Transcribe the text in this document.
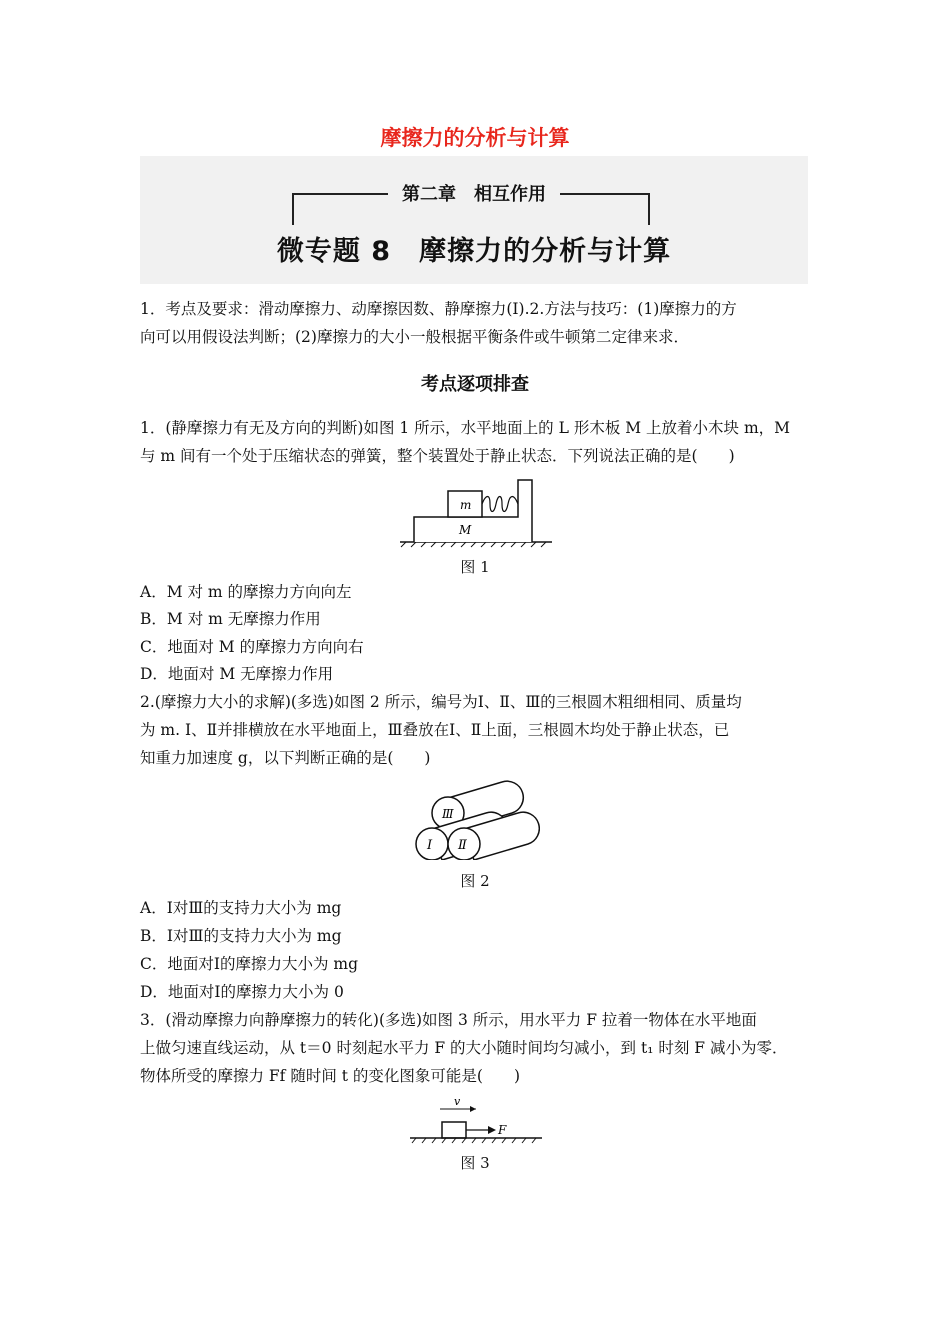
摩擦力的分析与计算
第二章　相互作用
微专题 8　摩擦力的分析与计算
1．考点及要求：滑动摩擦力、动摩擦因数、静摩擦力(Ⅰ).2.方法与技巧：(1)摩擦力的方
向可以用假设法判断；(2)摩擦力的大小一般根据平衡条件或牛顿第二定律来求．
考点逐项排查
1．(静摩擦力有无及方向的判断)如图 1 所示，水平地面上的 L 形木板 M 上放着小木块 m，M
与 m 间有一个处于压缩状态的弹簧，整个装置处于静止状态．下列说法正确的是(　　)
m
M
图 1
A．M 对 m 的摩擦力方向向左
B．M 对 m 无摩擦力作用
C．地面对 M 的摩擦力方向向右
D．地面对 M 无摩擦力作用
2.(摩擦力大小的求解)(多选)如图 2 所示，编号为Ⅰ、Ⅱ、Ⅲ的三根圆木粗细相同、质量均
为 m. Ⅰ、Ⅱ并排横放在水平地面上，Ⅲ叠放在Ⅰ、Ⅱ上面，三根圆木均处于静止状态，已
知重力加速度 g，以下判断正确的是(　　)
Ⅲ
Ⅰ Ⅱ
图 2
A．Ⅰ对Ⅲ的支持力大小为 mg
B．Ⅰ对Ⅲ的支持力大小为 mg
C．地面对Ⅰ的摩擦力大小为 mg
D．地面对Ⅰ的摩擦力大小为 0
3．(滑动摩擦力向静摩擦力的转化)(多选)如图 3 所示，用水平力 F 拉着一物体在水平地面
上做匀速直线运动，从 t＝0 时刻起水平力 F 的大小随时间均匀减小，到 t₁ 时刻 F 减小为零．
物体所受的摩擦力 Ff 随时间 t 的变化图象可能是(　　)
v
F
图 3
